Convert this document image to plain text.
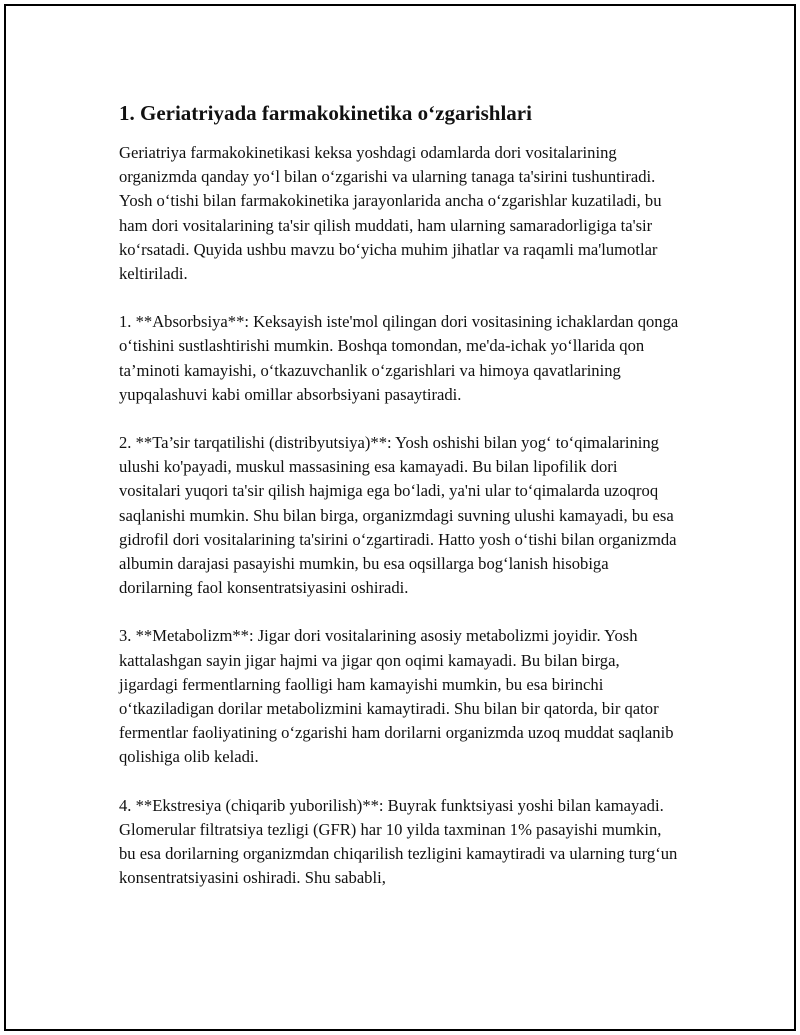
1. Geriatriyada farmakokinetika o‘zgarishlari

Geriatriya farmakokinetikasi keksa yoshdagi odamlarda dori vositalarining organizmda qanday yo‘l bilan o‘zgarishi va ularning tanaga ta'sirini tushuntiradi. Yosh o‘tishi bilan farmakokinetika jarayonlarida ancha o‘zgarishlar kuzatiladi, bu ham dori vositalarining ta'sir qilish muddati, ham ularning samaradorligiga ta'sir ko‘rsatadi. Quyida ushbu mavzu bo‘yicha muhim jihatlar va raqamli ma'lumotlar keltiriladi.

1. **Absorbsiya**: Keksayish iste'mol qilingan dori vositasining ichaklardan qonga o‘tishini sustlashtirishi mumkin. Boshqa tomondan, me'da-ichak yo‘llarida qon ta’minoti kamayishi, o‘tkazuvchanlik o‘zgarishlari va himoya qavatlarining yupqalashuvi kabi omillar absorbsiyani pasaytiradi.

2. **Ta’sir tarqatilishi (distribyutsiya)**: Yosh oshishi bilan yog‘ to‘qimalarining ulushi ko'payadi, muskul massasining esa kamayadi. Bu bilan lipofilik dori vositalari yuqori ta'sir qilish hajmiga ega bo‘ladi, ya'ni ular to‘qimalarda uzoqroq saqlanishi mumkin. Shu bilan birga, organizmdagi suvning ulushi kamayadi, bu esa gidrofil dori vositalarining ta'sirini o‘zgartiradi. Hatto yosh o‘tishi bilan organizmda albumin darajasi pasayishi mumkin, bu esa oqsillarga bog‘lanish hisobiga dorilarning faol konsentratsiyasini oshiradi.

3. **Metabolizm**: Jigar dori vositalarining asosiy metabolizmi joyidir. Yosh kattalashgan sayin jigar hajmi va jigar qon oqimi kamayadi. Bu bilan birga, jigardagi fermentlarning faolligi ham kamayishi mumkin, bu esa birinchi o‘tkaziladigan dorilar metabolizmini kamaytiradi. Shu bilan bir qatorda, bir qator fermentlar faoliyatining o‘zgarishi ham dorilarni organizmda uzoq muddat saqlanib qolishiga olib keladi.

4. **Ekstresiya (chiqarib yuborilish)**: Buyrak funktsiyasi yoshi bilan kamayadi. Glomerular filtratsiya tezligi (GFR) har 10 yilda taxminan 1% pasayishi mumkin, bu esa dorilarning organizmdan chiqarilish tezligini kamaytiradi va ularning turg‘un konsentratsiyasini oshiradi. Shu sababli,
